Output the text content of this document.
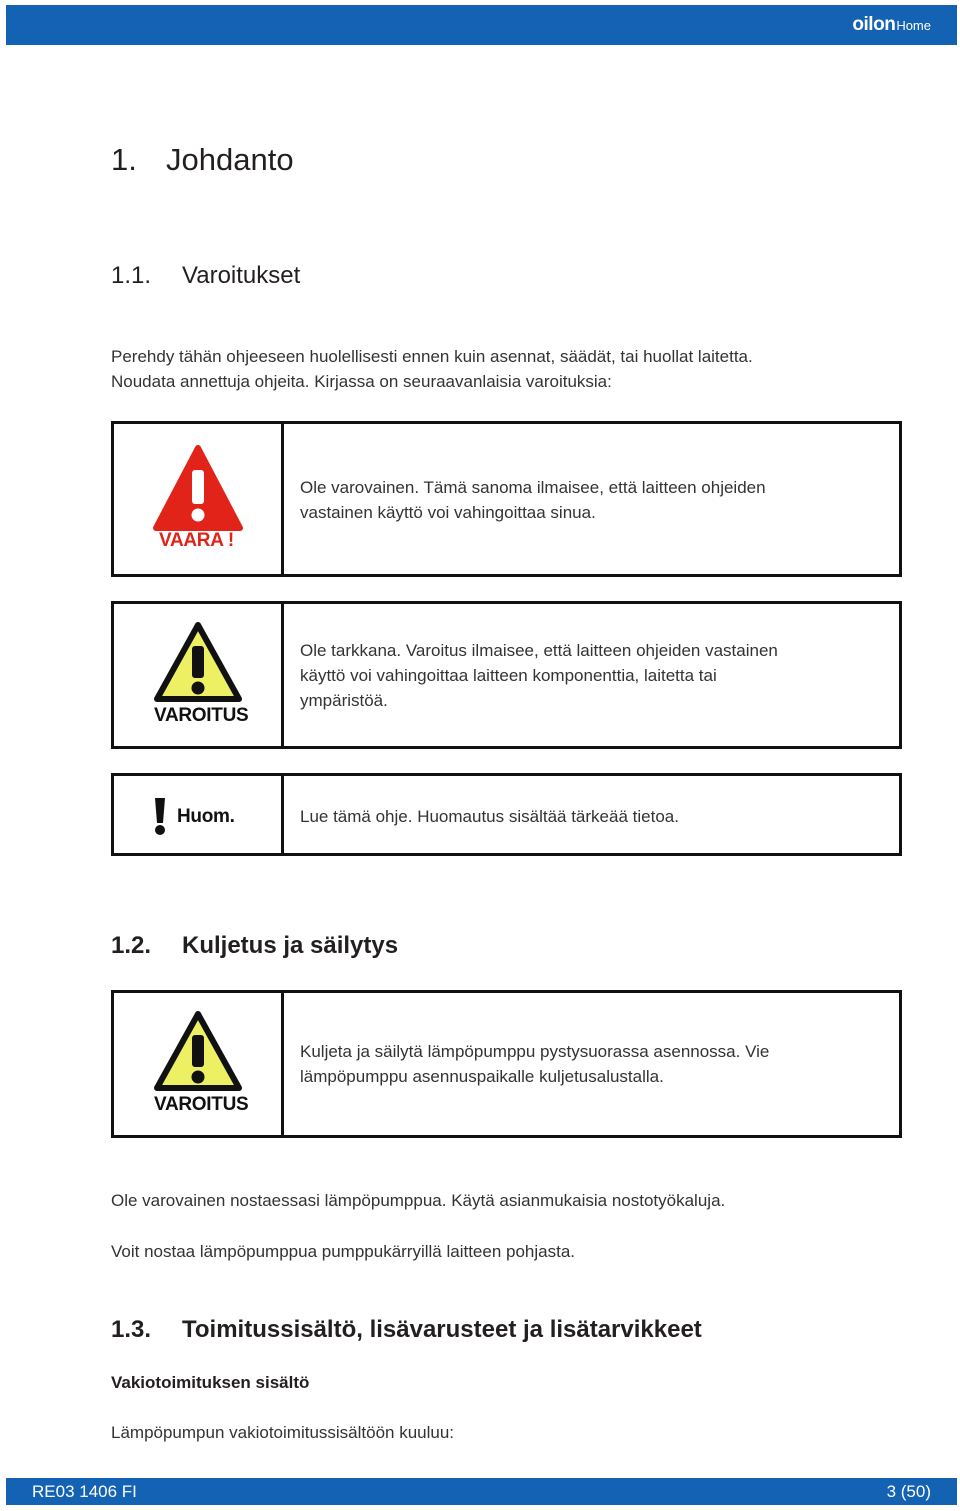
oilonHome
1. Johdanto
1.1. Varoitukset
Perehdy tähän ohjeeseen huolellisesti ennen kuin asennat, säädät, tai huollat laitetta.
Noudata annettuja ohjeita. Kirjassa on seuraavanlaisia varoituksia:
VAARA !
Ole varovainen. Tämä sanoma ilmaisee, että laitteen ohjeiden
vastainen käyttö voi vahingoittaa sinua.
VAROITUS
Ole tarkkana. Varoitus ilmaisee, että laitteen ohjeiden vastainen
käyttö voi vahingoittaa laitteen komponenttia, laitetta tai
ympäristöä.
Huom.	Lue tämä ohje. Huomautus sisältää tärkeää tietoa.
1.2. Kuljetus ja säilytys
VAROITUS
Kuljeta ja säilytä lämpöpumppu pystysuorassa asennossa. Vie
lämpöpumppu asennuspaikalle kuljetusalustalla.
Ole varovainen nostaessasi lämpöpumppua. Käytä asianmukaisia nostotyökaluja.
Voit nostaa lämpöpumppua pumppukärryillä laitteen pohjasta.
1.3. Toimitussisältö, lisävarusteet ja lisätarvikkeet
Vakiotoimituksen sisältö
Lämpöpumpun vakiotoimitussisältöön kuuluu:
RE03 1406 FI	3 (50)
